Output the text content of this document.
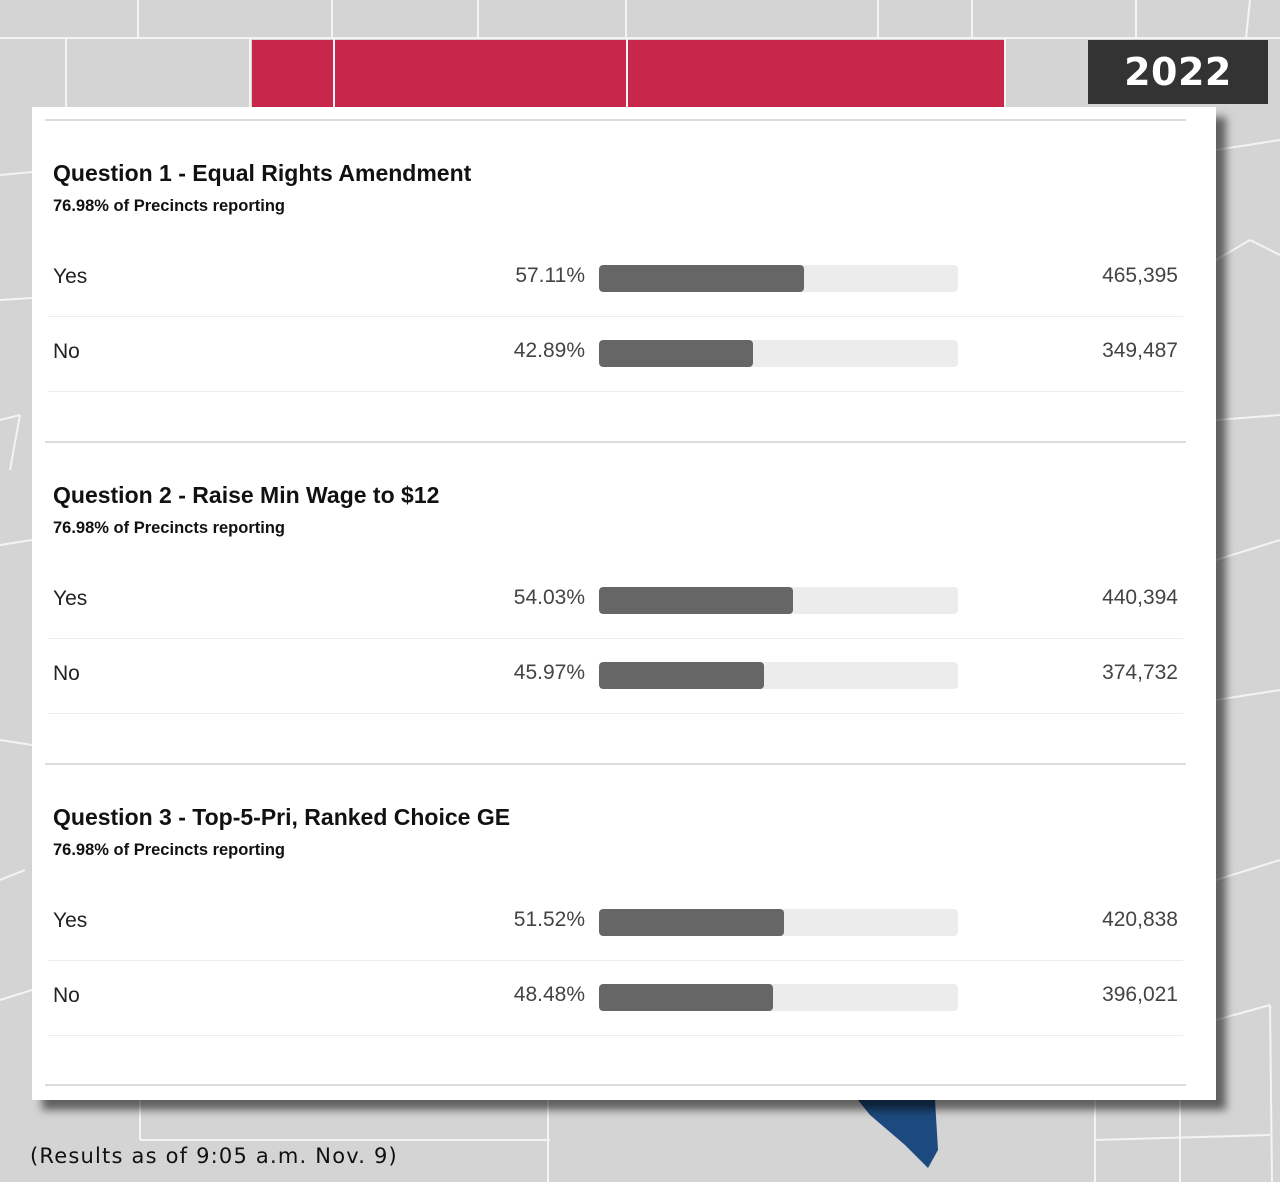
2022
Question 1 - Equal Rights Amendment
76.98% of Precincts reporting
Yes	57.11%	465,395
No	42.89%	349,487
Question 2 - Raise Min Wage to $12
76.98% of Precincts reporting
Yes	54.03%	440,394
No	45.97%	374,732
Question 3 - Top-5-Pri, Ranked Choice GE
76.98% of Precincts reporting
Yes	51.52%	420,838
No	48.48%	396,021
(Results as of 9:05 a.m. Nov. 9)
